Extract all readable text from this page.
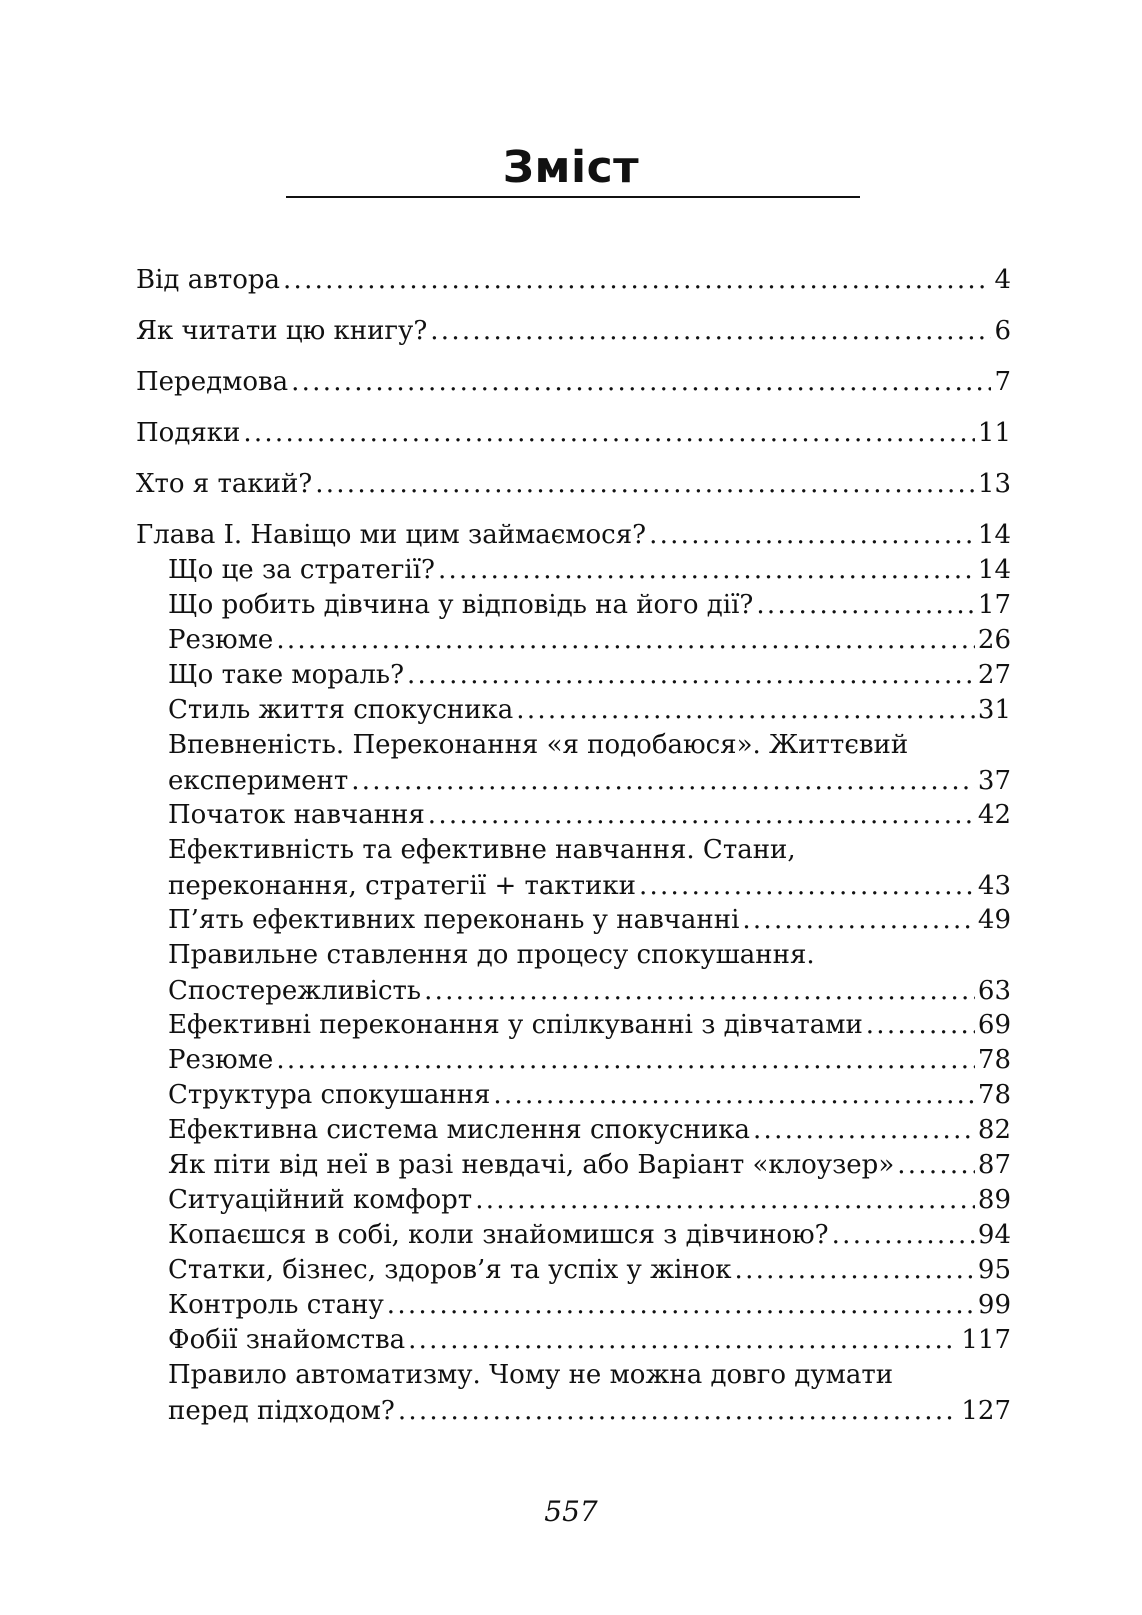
Зміст
Від автора . . .	4
Як читати цю книгу? . . .	6
Передмова . . .	7
Подяки . . .	11
Хто я такий? . . .	13
Глава І. Навіщо ми цим займаємося? . . .	14
Що це за стратегії? . . .	14
Що робить дівчина у відповідь на його дії? . . .	17
Резюме . . .	26
Що таке мораль? . . .	27
Стиль життя спокусника . . .	31
Впевненість. Переконання «я подобаюся». Життєвий
експеримент . . .	37
Початок навчання . . .	42
Ефективність та ефективне навчання. Стани,
переконання, стратегії + тактики . . .	43
П’ять ефективних переконань у навчанні . . .	49
Правильне ставлення до процесу спокушання.
Спостережливість . . .	63
Ефективні переконання у спілкуванні з дівчатами . . .	69
Резюме . . .	78
Структура спокушання . . .	78
Ефективна система мислення спокусника . . .	82
Як піти від неї в разі невдачі, або Варіант «клоузер» . . .	87
Ситуаційний комфорт . . .	89
Копаєшся в собі, коли знайомишся з дівчиною? . . .	94
Статки, бізнес, здоров’я та успіх у жінок . . .	95
Контроль стану . . .	99
Фобії знайомства . . .	117
Правило автоматизму. Чому не можна довго думати
перед підходом? . . .	127
557
